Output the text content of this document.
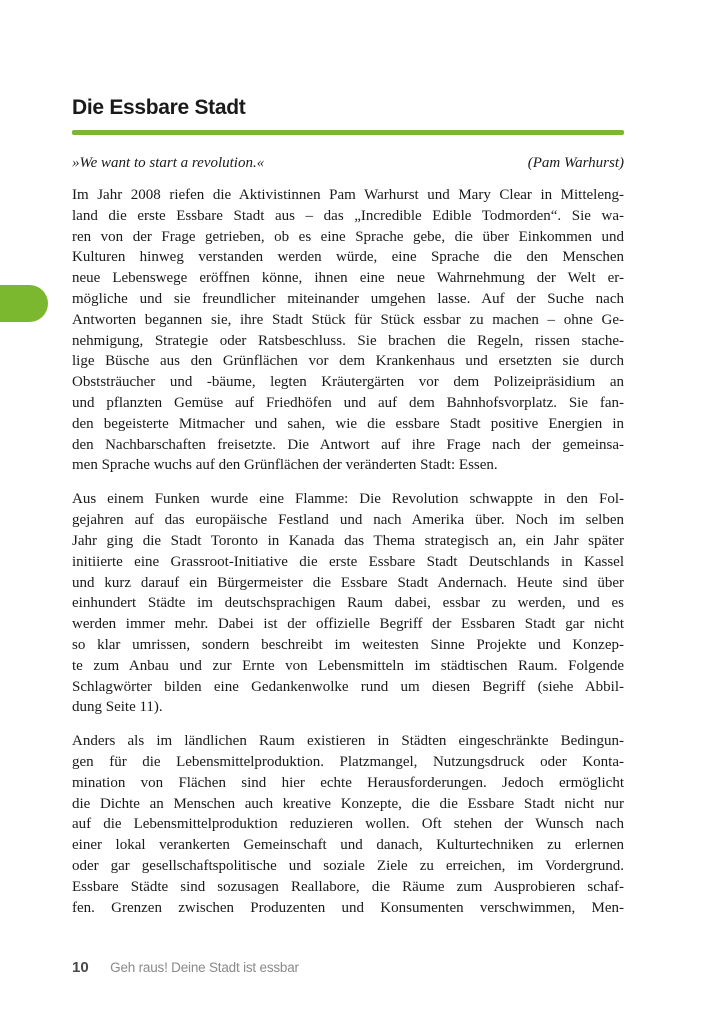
Die Essbare Stadt
»We want to start a revolution.«	(Pam Warhurst)

Im Jahr 2008 riefen die Aktivistinnen Pam Warhurst und Mary Clear in Mitteleng-
land die erste Essbare Stadt aus – das „Incredible Edible Todmorden“. Sie wa-
ren von der Frage getrieben, ob es eine Sprache gebe, die über Einkommen und
Kulturen hinweg verstanden werden würde, eine Sprache die den Menschen
neue Lebenswege eröffnen könne, ihnen eine neue Wahrnehmung der Welt er-
mögliche und sie freundlicher miteinander umgehen lasse. Auf der Suche nach
Antworten begannen sie, ihre Stadt Stück für Stück essbar zu machen – ohne Ge-
nehmigung, Strategie oder Ratsbeschluss. Sie brachen die Regeln, rissen stache-
lige Büsche aus den Grünflächen vor dem Krankenhaus und ersetzten sie durch
Obststräucher und -bäume, legten Kräutergärten vor dem Polizeipräsidium an
und pflanzten Gemüse auf Friedhöfen und auf dem Bahnhofsvorplatz. Sie fan-
den begeisterte Mitmacher und sahen, wie die essbare Stadt positive Energien in
den Nachbarschaften freisetzte. Die Antwort auf ihre Frage nach der gemeinsa-
men Sprache wuchs auf den Grünflächen der veränderten Stadt: Essen.

Aus einem Funken wurde eine Flamme: Die Revolution schwappte in den Fol-
gejahren auf das europäische Festland und nach Amerika über. Noch im selben
Jahr ging die Stadt Toronto in Kanada das Thema strategisch an, ein Jahr später
initiierte eine Grassroot-Initiative die erste Essbare Stadt Deutschlands in Kassel
und kurz darauf ein Bürgermeister die Essbare Stadt Andernach. Heute sind über
einhundert Städte im deutschsprachigen Raum dabei, essbar zu werden, und es
werden immer mehr. Dabei ist der offizielle Begriff der Essbaren Stadt gar nicht
so klar umrissen, sondern beschreibt im weitesten Sinne Projekte und Konzep-
te zum Anbau und zur Ernte von Lebensmitteln im städtischen Raum. Folgende
Schlagwörter bilden eine Gedankenwolke rund um diesen Begriff (siehe Abbil-
dung Seite 11).

Anders als im ländlichen Raum existieren in Städten eingeschränkte Bedingun-
gen für die Lebensmittelproduktion. Platzmangel, Nutzungsdruck oder Konta-
mination von Flächen sind hier echte Herausforderungen. Jedoch ermöglicht
die Dichte an Menschen auch kreative Konzepte, die die Essbare Stadt nicht nur
auf die Lebensmittelproduktion reduzieren wollen. Oft stehen der Wunsch nach
einer lokal verankerten Gemeinschaft und danach, Kulturtechniken zu erlernen
oder gar gesellschaftspolitische und soziale Ziele zu erreichen, im Vordergrund.
Essbare Städte sind sozusagen Reallabore, die Räume zum Ausprobieren schaf-
fen. Grenzen zwischen Produzenten und Konsumenten verschwimmen, Men-

10 Geh raus! Deine Stadt ist essbar
